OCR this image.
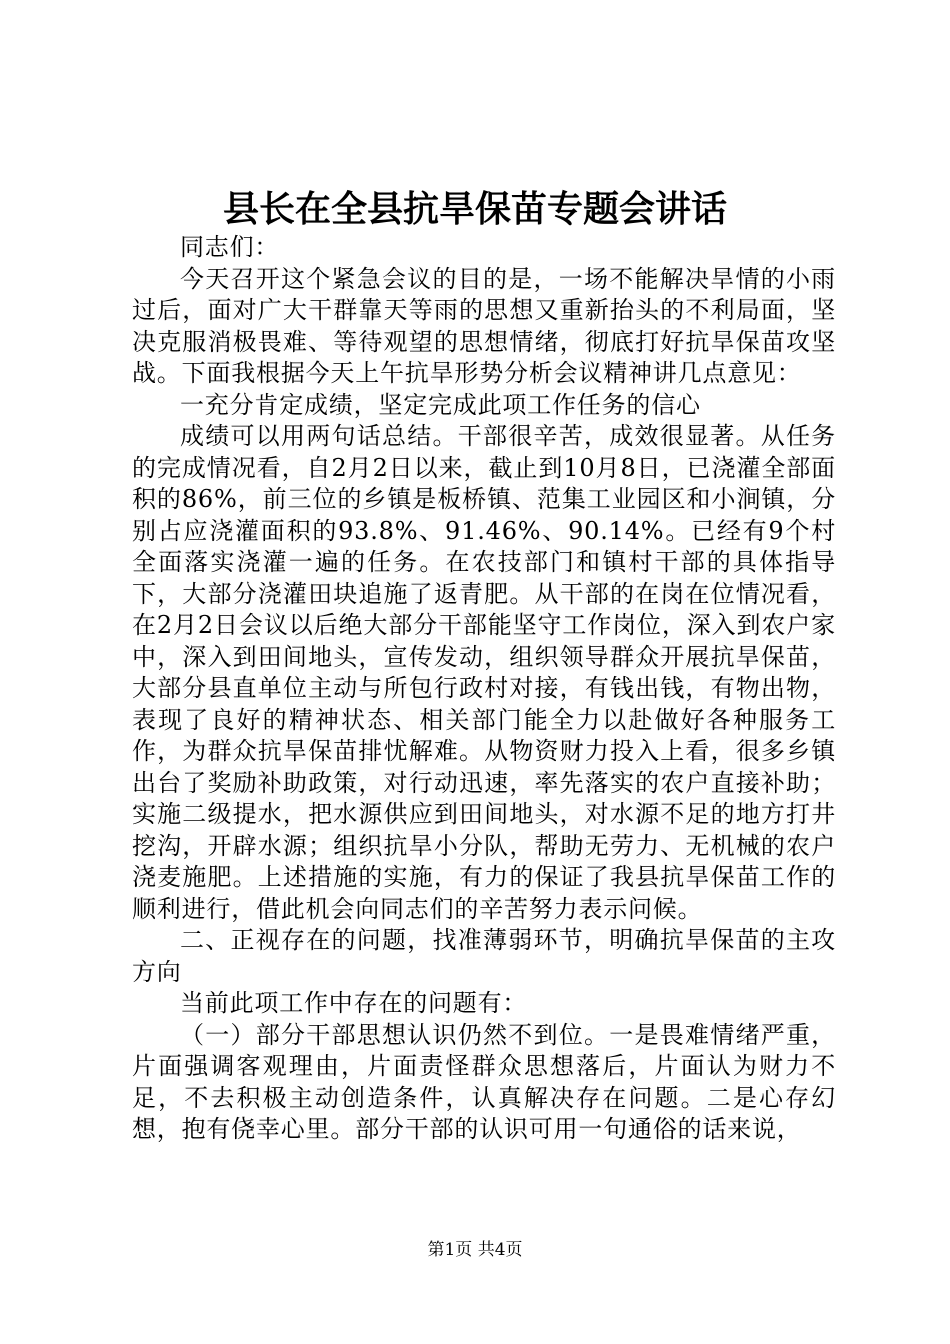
县长在全县抗旱保苗专题会讲话

同志们：

今天召开这个紧急会议的目的是，一场不能解决旱情的小雨过后，面对广大干群靠天等雨的思想又重新抬头的不利局面，坚决克服消极畏难、等待观望的思想情绪，彻底打好抗旱保苗攻坚战。下面我根据今天上午抗旱形势分析会议精神讲几点意见：

一充分肯定成绩，坚定完成此项工作任务的信心

成绩可以用两句话总结。干部很辛苦，成效很显著。从任务的完成情况看，自2月2日以来，截止到10月8日，已浇灌全部面积的86%，前三位的乡镇是板桥镇、范集工业园区和小涧镇，分别占应浇灌面积的93.8%、91.46%、90.14%。已经有9个村全面落实浇灌一遍的任务。在农技部门和镇村干部的具体指导下，大部分浇灌田块追施了返青肥。从干部的在岗在位情况看，在2月2日会议以后绝大部分干部能坚守工作岗位，深入到农户家中，深入到田间地头，宣传发动，组织领导群众开展抗旱保苗，大部分县直单位主动与所包行政村对接，有钱出钱，有物出物，表现了良好的精神状态、相关部门能全力以赴做好各种服务工作，为群众抗旱保苗排忧解难。从物资财力投入上看，很多乡镇出台了奖励补助政策，对行动迅速，率先落实的农户直接补助；实施二级提水，把水源供应到田间地头，对水源不足的地方打井挖沟，开辟水源；组织抗旱小分队，帮助无劳力、无机械的农户浇麦施肥。上述措施的实施，有力的保证了我县抗旱保苗工作的顺利进行，借此机会向同志们的辛苦努力表示问候。

二、正视存在的问题，找准薄弱环节，明确抗旱保苗的主攻方向

当前此项工作中存在的问题有：

（一）部分干部思想认识仍然不到位。一是畏难情绪严重，片面强调客观理由，片面责怪群众思想落后，片面认为财力不足，不去积极主动创造条件，认真解决存在问题。二是心存幻想，抱有侥幸心里。部分干部的认识可用一句通俗的话来说，

第1页 共4页
